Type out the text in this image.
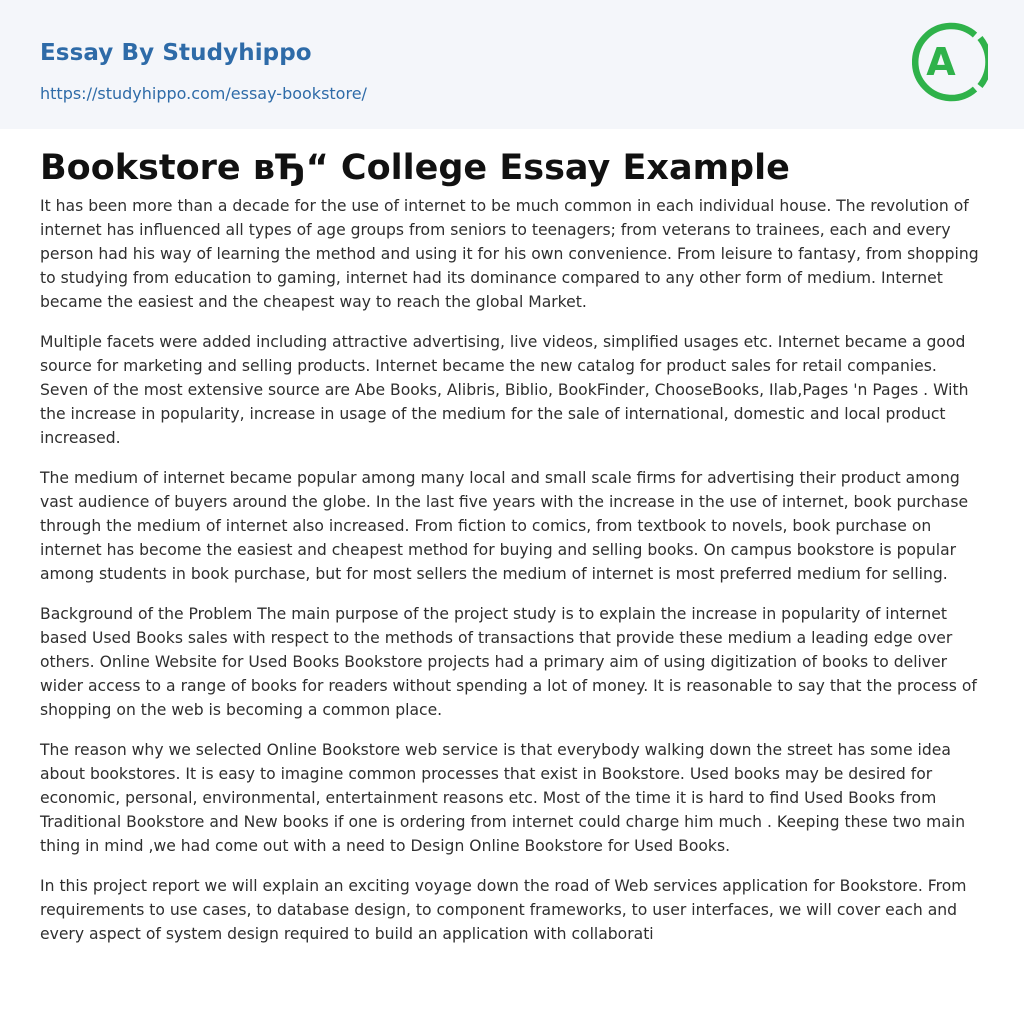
Essay By Studyhippo
https://studyhippo.com/essay-bookstore/
A
Bookstore вЂ“ College Essay Example

It has been more than a decade for the use of internet to be much common in each individual house. The revolution of internet has influenced all types of age groups from seniors to teenagers; from veterans to trainees, each and every person had his way of learning the method and using it for his own convenience. From leisure to fantasy, from shopping to studying from education to gaming, internet had its dominance compared to any other form of medium. Internet became the easiest and the cheapest way to reach the global Market.

Multiple facets were added including attractive advertising, live videos, simplified usages etc. Internet became a good source for marketing and selling products. Internet became the new catalog for product sales for retail companies. Seven of the most extensive source are Abe Books, Alibris, Biblio, BookFinder, ChooseBooks, Ilab,Pages 'n Pages . With the increase in popularity, increase in usage of the medium for the sale of international, domestic and local product increased.

The medium of internet became popular among many local and small scale firms for advertising their product among vast audience of buyers around the globe. In the last five years with the increase in the use of internet, book purchase through the medium of internet also increased. From fiction to comics, from textbook to novels, book purchase on internet has become the easiest and cheapest method for buying and selling books. On campus bookstore is popular among students in book purchase, but for most sellers the medium of internet is most preferred medium for selling.

Background of the Problem The main purpose of the project study is to explain the increase in popularity of internet based Used Books sales with respect to the methods of transactions that provide these medium a leading edge over others. Online Website for Used Books Bookstore projects had a primary aim of using digitization of books to deliver wider access to a range of books for readers without spending a lot of money. It is reasonable to say that the process of shopping on the web is becoming a common place.

The reason why we selected Online Bookstore web service is that everybody walking down the street has some idea about bookstores. It is easy to imagine common processes that exist in Bookstore. Used books may be desired for economic, personal, environmental, entertainment reasons etc. Most of the time it is hard to find Used Books from Traditional Bookstore and New books if one is ordering from internet could charge him much . Keeping these two main thing in mind ,we had come out with a need to Design Online Bookstore for Used Books.

In this project report we will explain an exciting voyage down the road of Web services application for Bookstore. From requirements to use cases, to database design, to component frameworks, to user interfaces, we will cover each and every aspect of system design required to build an application with collaborati
